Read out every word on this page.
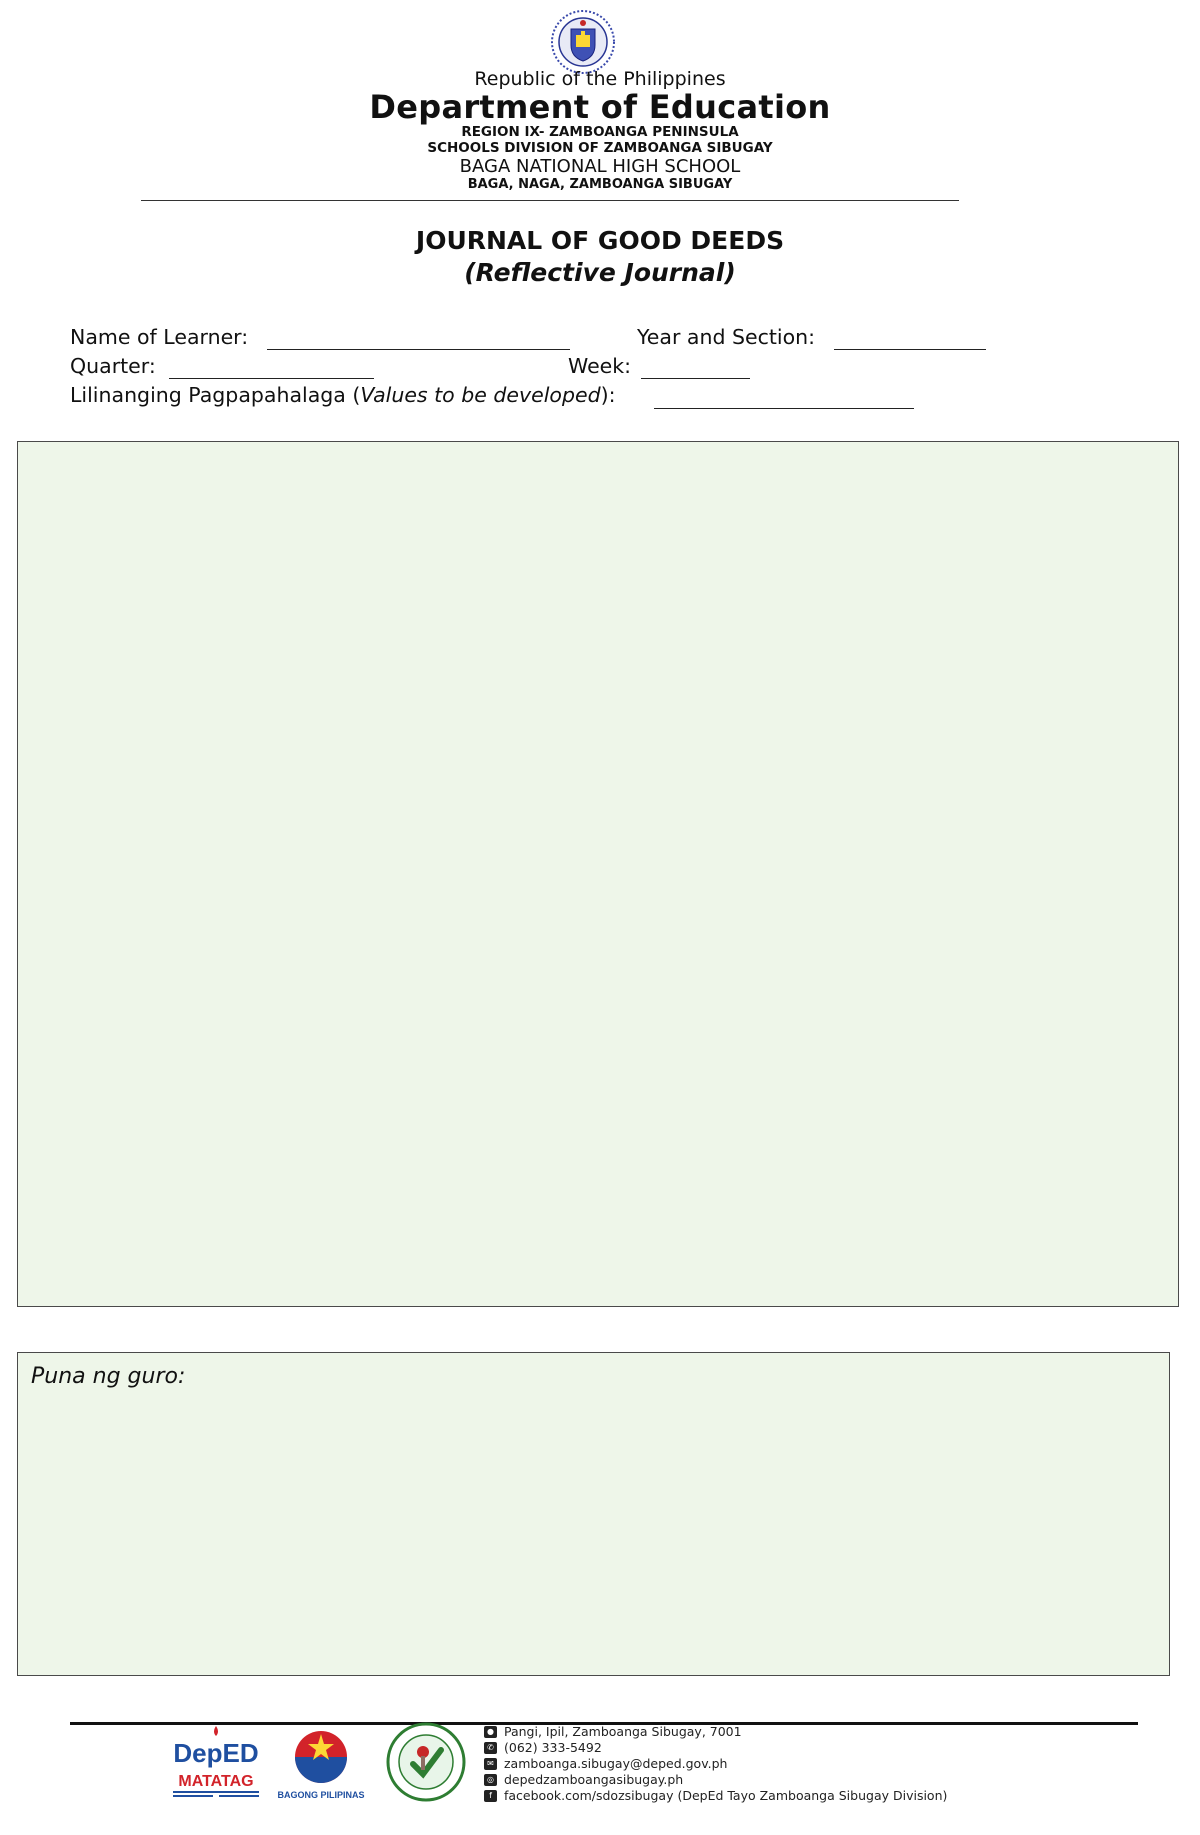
Republic of the Philippines
Department of Education
REGION IX- ZAMBOANGA PENINSULA
SCHOOLS DIVISION OF ZAMBOANGA SIBUGAY
BAGA NATIONAL HIGH SCHOOL
BAGA, NAGA, ZAMBOANGA SIBUGAY
JOURNAL OF GOOD DEEDS
(Reflective Journal)
Name of Learner:	Year and Section:
Quarter:	Week:
Lilinanging Pagpapahalaga (Values to be developed):
Puna ng guro:
DepED
MATATAG
BAGONG PILIPINAS
● Pangi, Ipil, Zamboanga Sibugay, 7001
✆ (062) 333-5492
✉ zamboanga.sibugay@deped.gov.ph
◎ depedzamboangasibugay.ph
f facebook.com/sdozsibugay (DepEd Tayo Zamboanga Sibugay Division)
